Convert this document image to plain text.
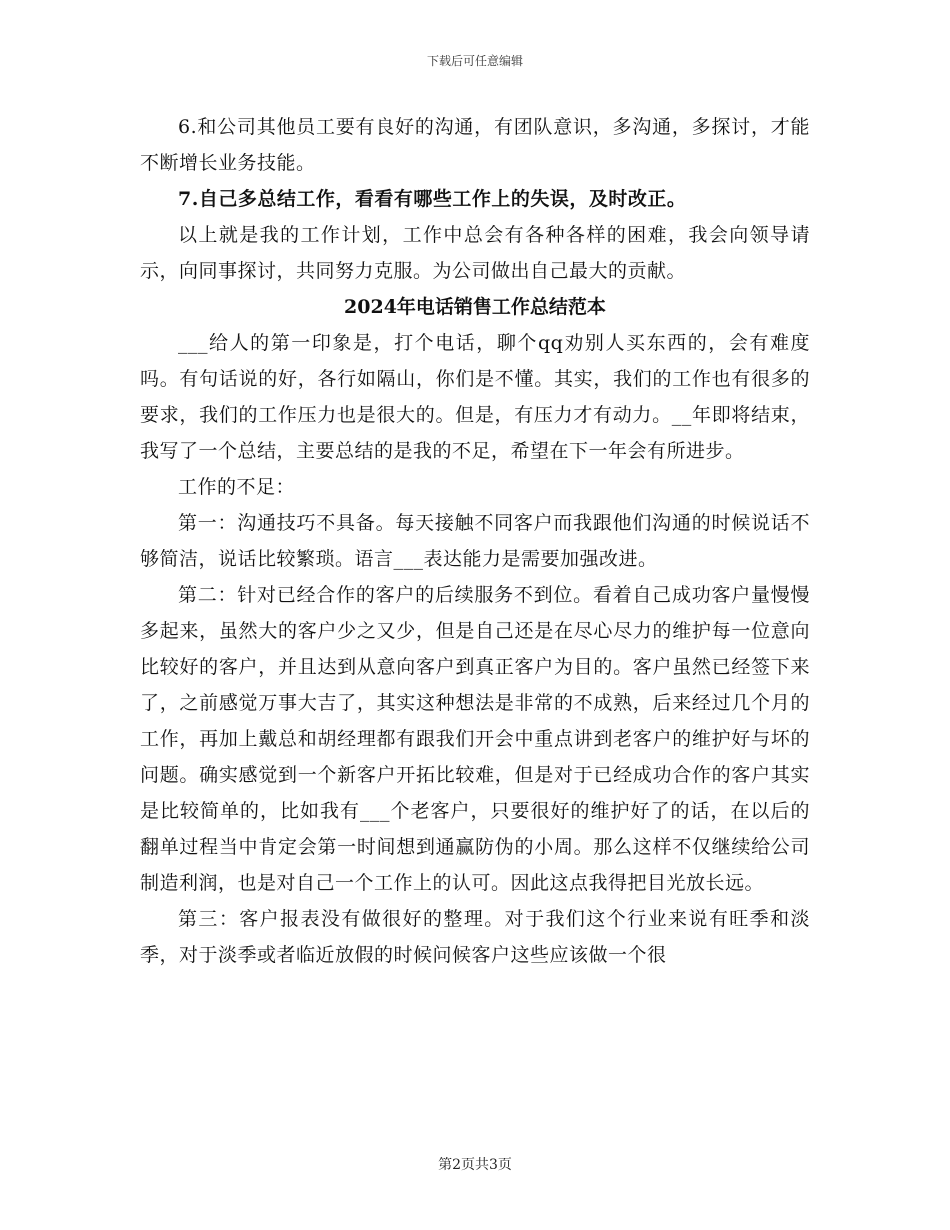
下载后可任意编辑

6.和公司其他员工要有良好的沟通，有团队意识，多沟通，多探讨，才能不断增长业务技能。

7.自己多总结工作，看看有哪些工作上的失误，及时改正。

以上就是我的工作计划，工作中总会有各种各样的困难，我会向领导请示，向同事探讨，共同努力克服。为公司做出自己最大的贡献。

2024年电话销售工作总结范本

___给人的第一印象是，打个电话，聊个qq劝别人买东西的，会有难度吗。有句话说的好，各行如隔山，你们是不懂。其实，我们的工作也有很多的要求，我们的工作压力也是很大的。但是，有压力才有动力。__年即将结束，我写了一个总结，主要总结的是我的不足，希望在下一年会有所进步。

工作的不足：

第一：沟通技巧不具备。每天接触不同客户而我跟他们沟通的时候说话不够简洁，说话比较繁琐。语言___表达能力是需要加强改进。

第二：针对已经合作的客户的后续服务不到位。看着自己成功客户量慢慢多起来，虽然大的客户少之又少，但是自己还是在尽心尽力的维护每一位意向比较好的客户，并且达到从意向客户到真正客户为目的。客户虽然已经签下来了，之前感觉万事大吉了，其实这种想法是非常的不成熟，后来经过几个月的工作，再加上戴总和胡经理都有跟我们开会中重点讲到老客户的维护好与坏的问题。确实感觉到一个新客户开拓比较难，但是对于已经成功合作的客户其实是比较简单的，比如我有___个老客户，只要很好的维护好了的话，在以后的翻单过程当中肯定会第一时间想到通赢防伪的小周。那么这样不仅继续给公司制造利润，也是对自己一个工作上的认可。因此这点我得把目光放长远。

第三：客户报表没有做很好的整理。对于我们这个行业来说有旺季和淡季，对于淡季或者临近放假的时候问候客户这些应该做一个很

第2页共3页
